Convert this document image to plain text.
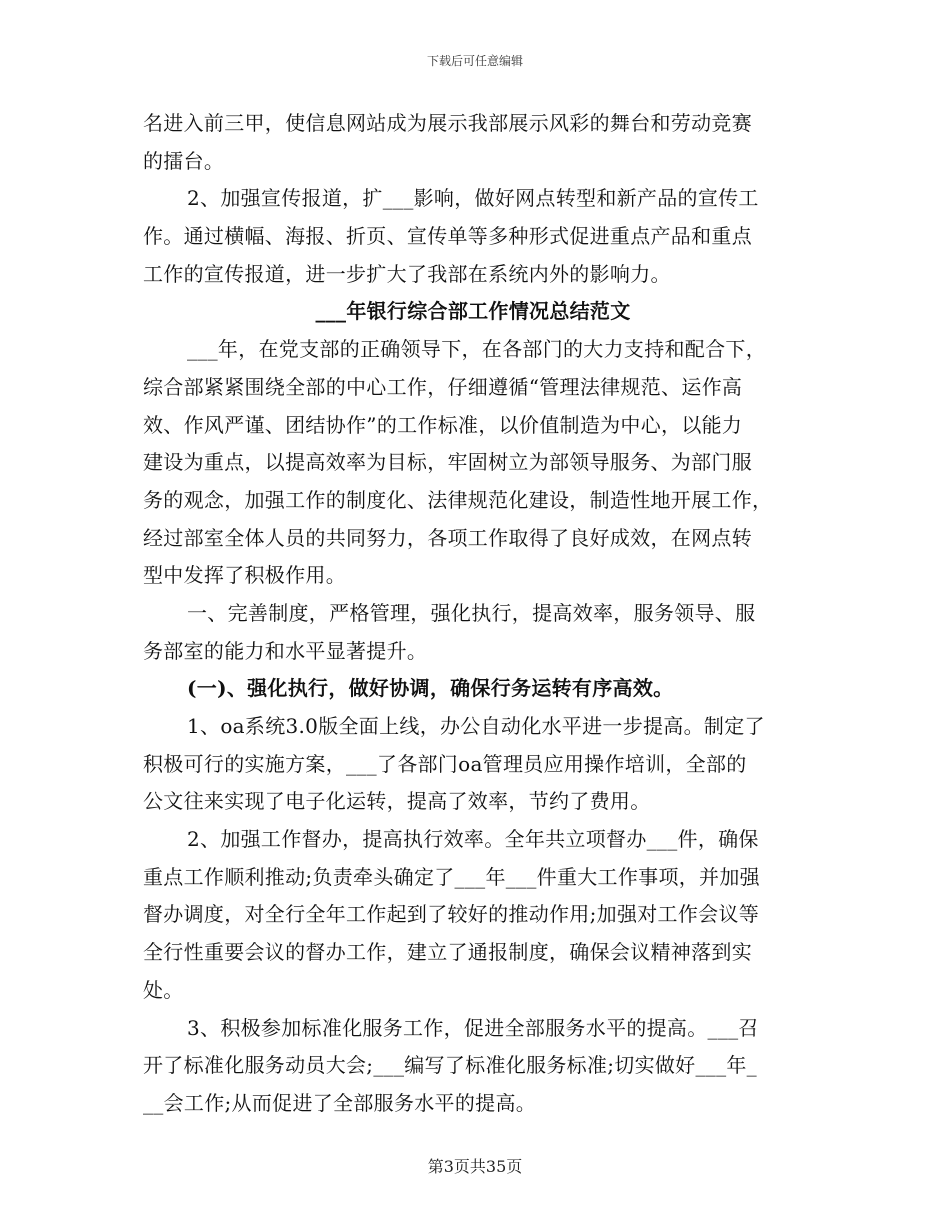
下载后可任意编辑
名进入前三甲，使信息网站成为展示我部展示风彩的舞台和劳动竞赛
的擂台。
2、加强宣传报道，扩___影响，做好网点转型和新产品的宣传工
作。通过横幅、海报、折页、宣传单等多种形式促进重点产品和重点
工作的宣传报道，进一步扩大了我部在系统内外的影响力。
___年银行综合部工作情况总结范文
___年，在党支部的正确领导下，在各部门的大力支持和配合下，
综合部紧紧围绕全部的中心工作，仔细遵循“管理法律规范、运作高
效、作风严谨、团结协作”的工作标准，以价值制造为中心，以能力
建设为重点，以提高效率为目标，牢固树立为部领导服务、为部门服
务的观念，加强工作的制度化、法律规范化建设，制造性地开展工作，
经过部室全体人员的共同努力，各项工作取得了良好成效，在网点转
型中发挥了积极作用。
一、完善制度，严格管理，强化执行，提高效率，服务领导、服
务部室的能力和水平显著提升。
(一)、强化执行，做好协调，确保行务运转有序高效。
1、oa系统3.0版全面上线，办公自动化水平进一步提高。制定了
积极可行的实施方案，___了各部门oa管理员应用操作培训，全部的
公文往来实现了电子化运转，提高了效率，节约了费用。
2、加强工作督办，提高执行效率。全年共立项督办___件，确保
重点工作顺利推动;负责牵头确定了___年___件重大工作事项，并加强
督办调度，对全行全年工作起到了较好的推动作用;加强对工作会议等
全行性重要会议的督办工作，建立了通报制度，确保会议精神落到实
处。
3、积极参加标准化服务工作，促进全部服务水平的提高。___召
开了标准化服务动员大会;___编写了标准化服务标准;切实做好___年_
__会工作;从而促进了全部服务水平的提高。
第3页共35页
